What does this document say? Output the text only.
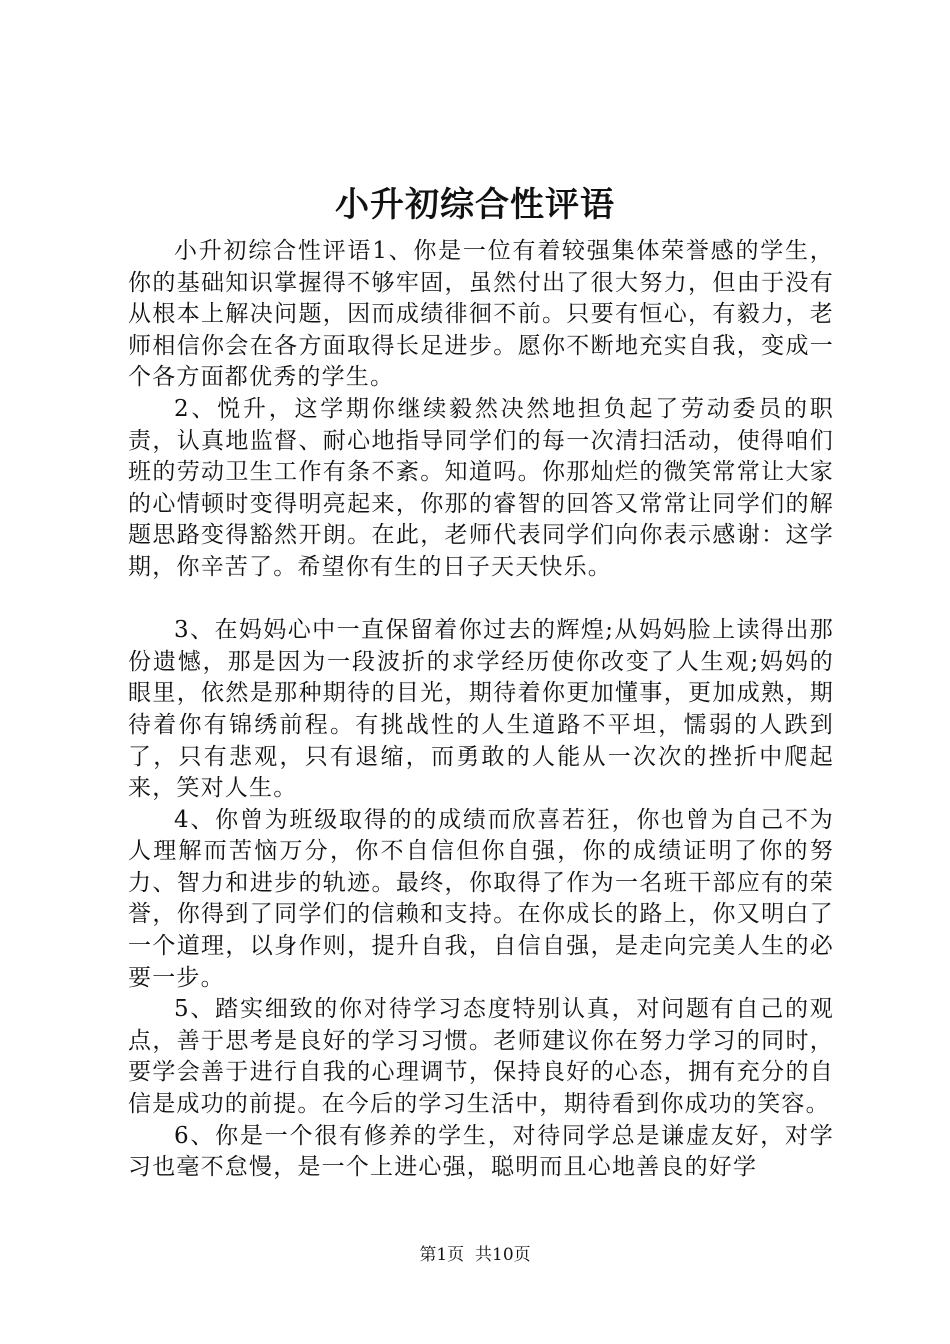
小升初综合性评语

小升初综合性评语1、你是一位有着较强集体荣誉感的学生，你的基础知识掌握得不够牢固，虽然付出了很大努力，但由于没有从根本上解决问题，因而成绩徘徊不前。只要有恒心，有毅力，老师相信你会在各方面取得长足进步。愿你不断地充实自我，变成一个各方面都优秀的学生。

2、悦升，这学期你继续毅然决然地担负起了劳动委员的职责，认真地监督、耐心地指导同学们的每一次清扫活动，使得咱们班的劳动卫生工作有条不紊。知道吗。你那灿烂的微笑常常让大家的心情顿时变得明亮起来，你那的睿智的回答又常常让同学们的解题思路变得豁然开朗。在此，老师代表同学们向你表示感谢：这学期，你辛苦了。希望你有生的日子天天快乐。

3、在妈妈心中一直保留着你过去的辉煌;从妈妈脸上读得出那份遗憾，那是因为一段波折的求学经历使你改变了人生观;妈妈的眼里，依然是那种期待的目光，期待着你更加懂事，更加成熟，期待着你有锦绣前程。有挑战性的人生道路不平坦，懦弱的人跌到了，只有悲观，只有退缩，而勇敢的人能从一次次的挫折中爬起来，笑对人生。

4、你曾为班级取得的的成绩而欣喜若狂，你也曾为自己不为人理解而苦恼万分，你不自信但你自强，你的成绩证明了你的努力、智力和进步的轨迹。最终，你取得了作为一名班干部应有的荣誉，你得到了同学们的信赖和支持。在你成长的路上，你又明白了一个道理，以身作则，提升自我，自信自强，是走向完美人生的必要一步。

5、踏实细致的你对待学习态度特别认真，对问题有自己的观点，善于思考是良好的学习习惯。老师建议你在努力学习的同时，要学会善于进行自我的心理调节，保持良好的心态，拥有充分的自信是成功的前提。在今后的学习生活中，期待看到你成功的笑容。

6、你是一个很有修养的学生，对待同学总是谦虚友好，对学习也毫不怠慢，是一个上进心强，聪明而且心地善良的好学

第1页 共10页
